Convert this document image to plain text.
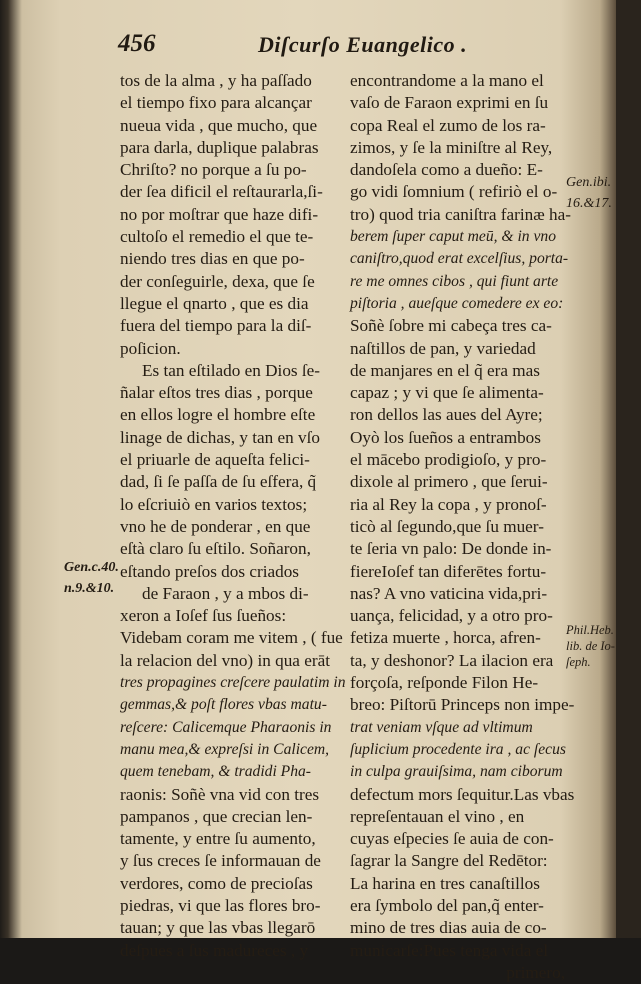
456	Diſcurſo Euangelico .
tos de la alma , y ha paſſado
el tiempo fixo para alcançar
nueua vida , que mucho, que
para darla, duplique palabras
Chriſto? no porque a ſu po-
der ſea dificil el reſtaurarla,ſi-
no por moſtrar que haze difi-
cultoſo el remedio el que te-
niendo tres dias en que po-
der conſeguirle, dexa, que ſe
llegue el qnarto , que es dia
fuera del tiempo para la diſ-
poſicion.
Es tan eſtilado en Dios ſe-
ñalar eſtos tres dias , porque
en ellos logre el hombre eſte
linage de dichas, y tan en vſo
el priuarle de aqueſta felici-
dad, ſi ſe paſſa de ſu eſfera, q̃
lo eſcriuiò en varios textos;
vno he de ponderar , en que
eſtà claro ſu eſtilo. Soñaron,
eſtando preſos dos criados
de Faraon , y a mbos di-
xeron a Ioſef ſus ſueños:
Videbam coram me vitem , ( fue
la relacion del vno) in qua erāt
tres propagines creſcere paulatim in
gemmas,& poſt flores vbas matu-
reſcere: Calicemque Pharaonis in
manu mea,& expreſsi in Calicem,
quem tenebam, & tradidi Pha-
raonis: Soñè vna vid con tres
pampanos , que crecian len-
tamente, y entre ſu aumento,
y ſus creces ſe informauan de
verdores, como de precioſas
piedras, vi que las flores bro-
tauan; y que las vbas llegarō
deſpues a ſus madureces , y
encontrandome a la mano el
vaſo de Faraon exprimi en ſu
copa Real el zumo de los ra-
zimos, y ſe la miniſtre al Rey,
dandoſela como a dueño: E-
go vidi ſomnium ( refiriò el o-
tro) quod tria caniſtra farinæ ha-
berem ſuper caput meū, & in vno
caniſtro,quod erat excelſius, porta-
re me omnes cibos , qui fiunt arte
piſtoria , aueſque comedere ex eo:
Soñè ſobre mi cabeça tres ca-
naſtillos de pan, y variedad
de manjares en el q̃ era mas
capaz ; y vi que ſe alimenta-
ron dellos las aues del Ayre;
Oyò los ſueños a entrambos
el mācebo prodigioſo, y pro-
dixole al primero , que ſerui-
ria al Rey la copa , y pronoſ-
ticò al ſegundo,que ſu muer-
te ſeria vn palo: De donde in-
fiereIoſef tan diferētes fortu-
nas? A vno vaticina vida,pri-
uança, felicidad, y a otro pro-
fetiza muerte , horca, afren-
ta, y deshonor? La ilacion era
forçoſa, reſponde Filon He-
breo: Piſtorū Princeps non impe-
trat veniam vſque ad vltimum
ſuplicium procedente ira , ac ſecus
in culpa grauiſsima, nam ciborum
defectum mors ſequitur.Las vbas
repreſentauan el vino , en
cuyas eſpecies ſe auia de con-
ſagrar la Sangre del Redētor:
La harina en tres canaſtillos
era ſymbolo del pan,q̃ enter-
mino de tres dias auia de co-
municarſe:Pues tenga vida el
primero,
Gen.c.40.
n.9.&10.
Gen.ibi.
16.&17.
Phil.Heb.
lib. de Io-
ſeph.
